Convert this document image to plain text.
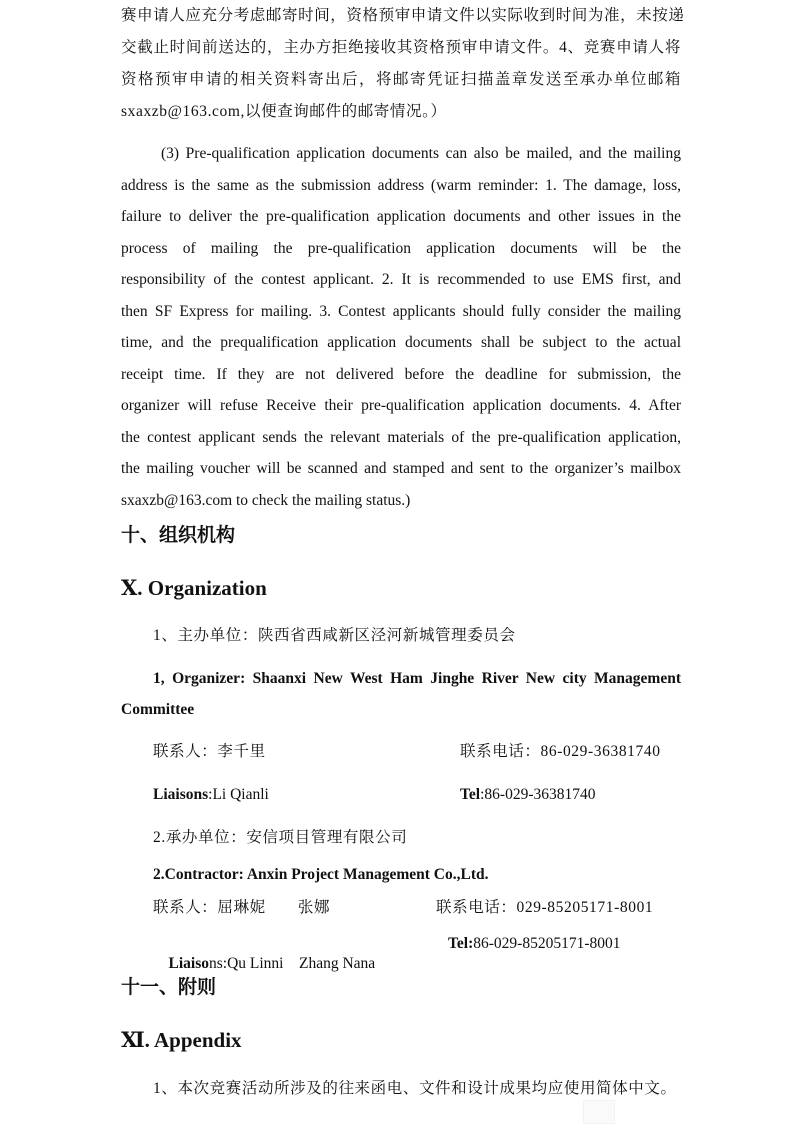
赛申请人应充分考虑邮寄时间，资格预审申请文件以实际收到时间为准，未按递
交截止时间前送达的，主办方拒绝接收其资格预审申请文件。4、竞赛申请人将
资格预审申请的相关资料寄出后，将邮寄凭证扫描盖章发送至承办单位邮箱
sxaxzb@163.com,以便查询邮件的邮寄情况。）
(3) Pre-qualification application documents can also be mailed, and the mailing
address is the same as the submission address (warm reminder: 1. The damage, loss,
failure to deliver the pre-qualification application documents and other issues in the
process of mailing the pre-qualification application documents will be the
responsibility of the contest applicant. 2. It is recommended to use EMS first, and
then SF Express for mailing. 3. Contest applicants should fully consider the mailing
time, and the prequalification application documents shall be subject to the actual
receipt time. If they are not delivered before the deadline for submission, the
organizer will refuse Receive their pre-qualification application documents. 4. After
the contest applicant sends the relevant materials of the pre-qualification application,
the mailing voucher will be scanned and stamped and sent to the organizer’s mailbox
sxaxzb@163.com to check the mailing status.)
十、组织机构
Ⅹ. Organization
1、主办单位：陕西省西咸新区泾河新城管理委员会
1, Organizer: Shaanxi New West Ham Jinghe River New city Management
Committee
联系人：李千里	联系电话：86-029-36381740
Liaisons:Li Qianli	Tel:86-029-36381740
2.承办单位：安信项目管理有限公司
2.Contractor: Anxin Project Management Co.,Ltd.
联系人：屈琳妮　　张娜	联系电话：029-85205171-8001

Liaisons:Qu Linni    Zhang Nana

Tel:86-029-85205171-8001
十一、附则
Ⅺ. Appendix
1、本次竞赛活动所涉及的往来函电、文件和设计成果均应使用简体中文。
